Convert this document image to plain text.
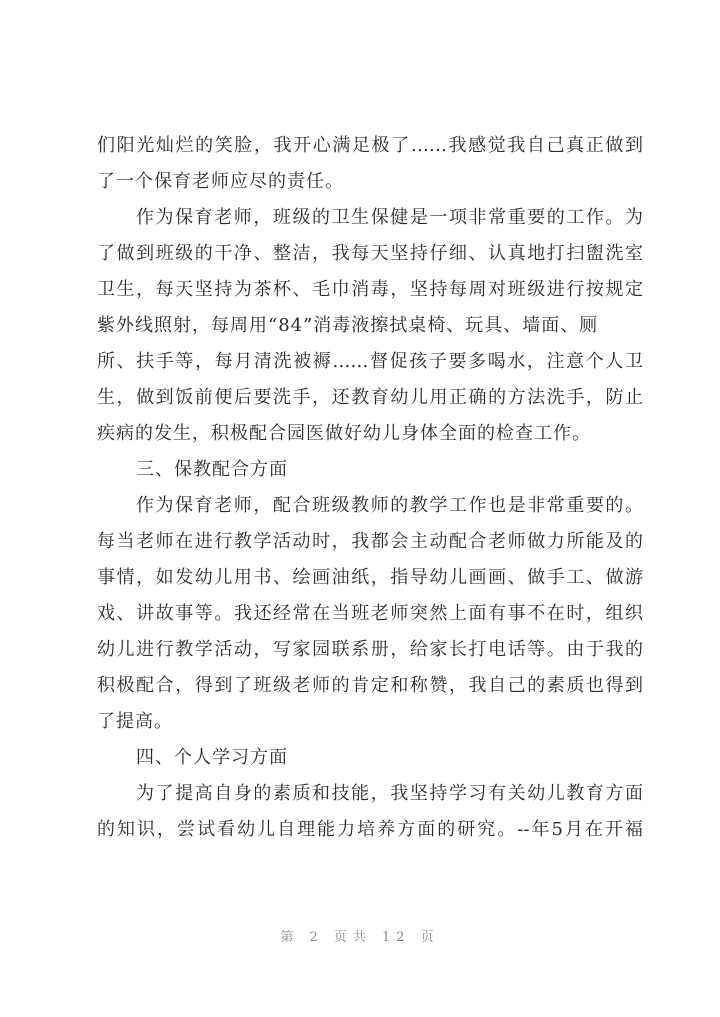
们阳光灿烂的笑脸，我开心满足极了……我感觉我自己真正做到
了一个保育老师应尽的责任。
作为保育老师，班级的卫生保健是一项非常重要的工作。为
了做到班级的干净、整洁，我每天坚持仔细、认真地打扫盥洗室
卫生，每天坚持为茶杯、毛巾消毒，坚持每周对班级进行按规定
紫外线照射，每周用“84”消毒液擦拭桌椅、玩具、墙面、厕
所、扶手等，每月清洗被褥……督促孩子要多喝水，注意个人卫
生，做到饭前便后要洗手，还教育幼儿用正确的方法洗手，防止
疾病的发生，积极配合园医做好幼儿身体全面的检查工作。
三、保教配合方面
作为保育老师，配合班级教师的教学工作也是非常重要的。
每当老师在进行教学活动时，我都会主动配合老师做力所能及的
事情，如发幼儿用书、绘画油纸，指导幼儿画画、做手工、做游
戏、讲故事等。我还经常在当班老师突然上面有事不在时，组织
幼儿进行教学活动，写家园联系册，给家长打电话等。由于我的
积极配合，得到了班级老师的肯定和称赞，我自己的素质也得到
了提高。
四、个人学习方面
为了提高自身的素质和技能，我坚持学习有关幼儿教育方面
的知识，尝试看幼儿自理能力培养方面的研究。--年5月在开福
第 2 页共 12 页
